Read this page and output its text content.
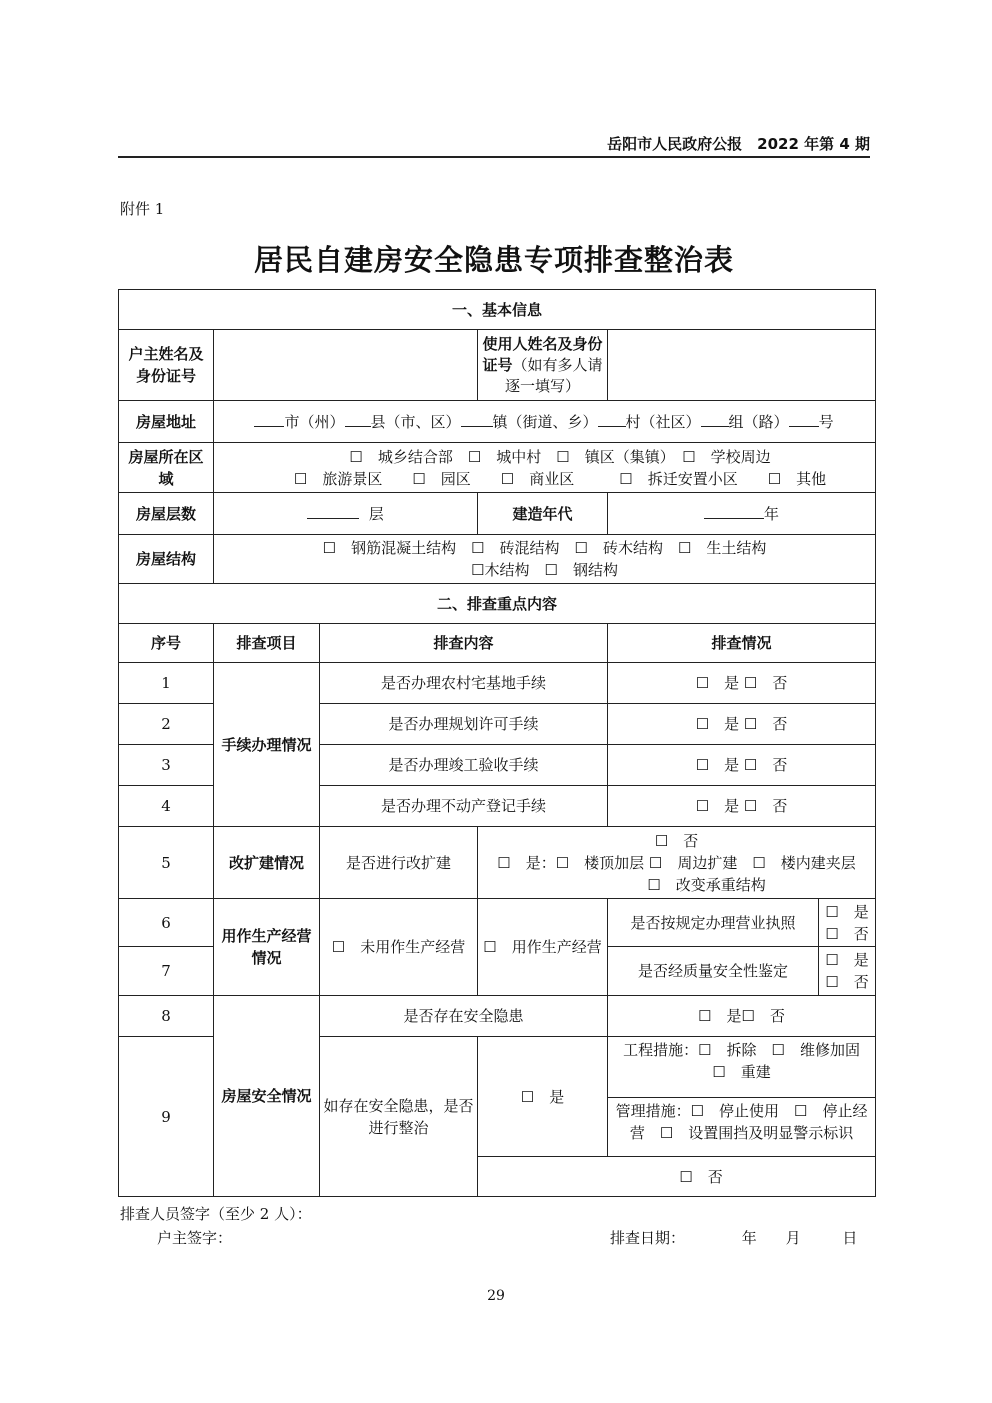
岳阳市人民政府公报　2022 年第 4 期
附件 1
居民自建房安全隐患专项排查整治表
一、基本信息					
户主姓名及身份证号			使用人姓名及身份证号（如有多人请逐一填写）		
房屋地址	市（州） 县（市、区） 镇（街道、乡） 村（社区） 组（路） 号				
房屋所在区域	☐　城乡结合部　☐　城中村　☐　镇区（集镇）　☐　学校周边
☐　旅游景区　　☐　园区　　☐　商业区　　　☐　拆迁安置小区　　☐　其他				

房屋层数	层		建造年代	年	
房屋结构	☐　钢筋混凝土结构　☐　砖混结构　☐　砖木结构　☐　生土结构
☐木结构　☐　钢结构				

二、排查重点内容					
序号	排查项目	排查内容		排查情况	
1	手续办理情况	是否办理农村宅基地手续		☐　是 ☐　否	
2		是否办理规划许可手续		☐　是 ☐　否	
3		是否办理竣工验收手续		☐　是 ☐　否	
4		是否办理不动产登记手续		☐　是 ☐　否	
5	改扩建情况	是否进行改扩建	☐　否
☐　是：☐　楼顶加层 ☐　周边扩建　☐　楼内建夹层
☐　改变承重结构		

6	用作生产经营情况	☐　未用作生产经营	☐　用作生产经营	是否按规定办理营业执照	☐　是
☐　否

7				是否经质量安全性鉴定	☐　是
☐　否

8	房屋安全情况	是否存在安全隐患		☐　是☐　否	
9		如存在安全隐患，是否进行整治	☐　是	工程措施：☐　拆除　☐　维修加固　　☐　重建
管理措施：☐　停止使用　☐　停止经营　☐　设置围挡及明显警示标识	

			☐　否		
排查人员签字（至少 2 人）：
户主签字：	排查日期：	年 月	日
29
